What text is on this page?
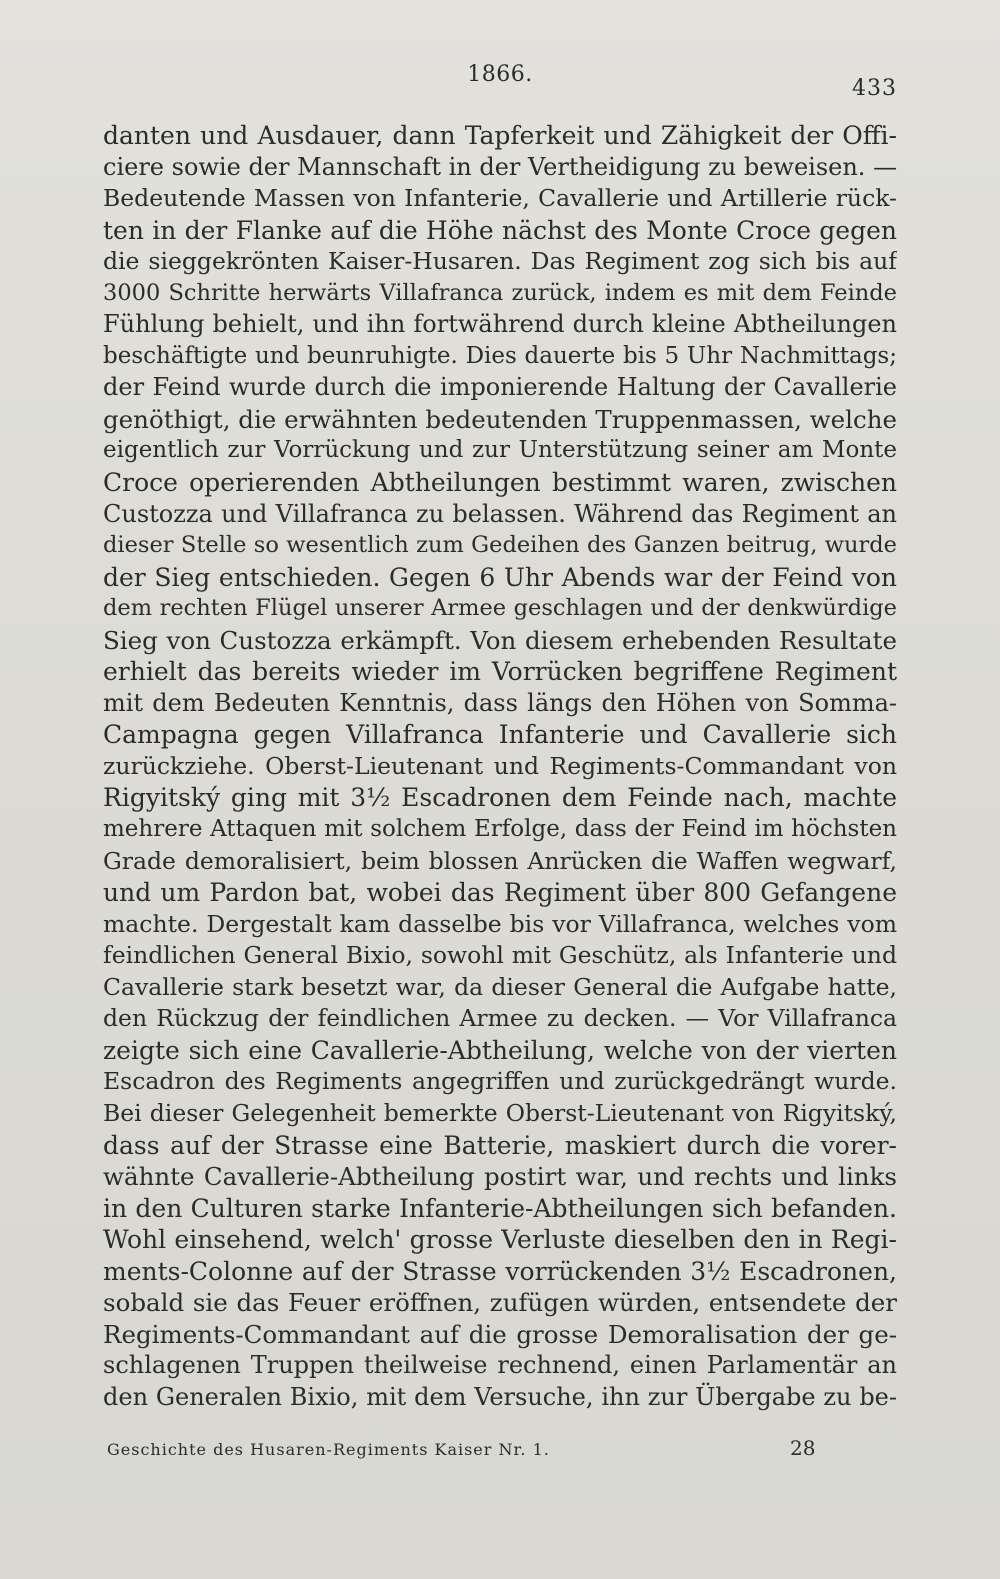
1866.
433
danten und Ausdauer, dann Tapferkeit und Zähigkeit der Offi-
ciere sowie der Mannschaft in der Vertheidigung zu beweisen. —
Bedeutende Massen von Infanterie, Cavallerie und Artillerie rück-
ten in der Flanke auf die Höhe nächst des Monte Croce gegen
die sieggekrönten Kaiser-Husaren. Das Regiment zog sich bis auf
3000 Schritte herwärts Villafranca zurück, indem es mit dem Feinde
Fühlung behielt, und ihn fortwährend durch kleine Abtheilungen
beschäftigte und beunruhigte. Dies dauerte bis 5 Uhr Nachmittags;
der Feind wurde durch die imponierende Haltung der Cavallerie
genöthigt, die erwähnten bedeutenden Truppenmassen, welche
eigentlich zur Vorrückung und zur Unterstützung seiner am Monte
Croce operierenden Abtheilungen bestimmt waren, zwischen
Custozza und Villafranca zu belassen. Während das Regiment an
dieser Stelle so wesentlich zum Gedeihen des Ganzen beitrug, wurde
der Sieg entschieden. Gegen 6 Uhr Abends war der Feind von
dem rechten Flügel unserer Armee geschlagen und der denkwürdige
Sieg von Custozza erkämpft. Von diesem erhebenden Resultate
erhielt das bereits wieder im Vorrücken begriffene Regiment
mit dem Bedeuten Kenntnis, dass längs den Höhen von Somma-
Campagna gegen Villafranca Infanterie und Cavallerie sich
zurückziehe. Oberst-Lieutenant und Regiments-Commandant von
Rigyitský ging mit 3½ Escadronen dem Feinde nach, machte
mehrere Attaquen mit solchem Erfolge, dass der Feind im höchsten
Grade demoralisiert, beim blossen Anrücken die Waffen wegwarf,
und um Pardon bat, wobei das Regiment über 800 Gefangene
machte. Dergestalt kam dasselbe bis vor Villafranca, welches vom
feindlichen General Bixio, sowohl mit Geschütz, als Infanterie und
Cavallerie stark besetzt war, da dieser General die Aufgabe hatte,
den Rückzug der feindlichen Armee zu decken. — Vor Villafranca
zeigte sich eine Cavallerie-Abtheilung, welche von der vierten
Escadron des Regiments angegriffen und zurückgedrängt wurde.
Bei dieser Gelegenheit bemerkte Oberst-Lieutenant von Rigyitský,
dass auf der Strasse eine Batterie, maskiert durch die vorer-
wähnte Cavallerie-Abtheilung postirt war, und rechts und links
in den Culturen starke Infanterie-Abtheilungen sich befanden.
Wohl einsehend, welch' grosse Verluste dieselben den in Regi-
ments-Colonne auf der Strasse vorrückenden 3½ Escadronen,
sobald sie das Feuer eröffnen, zufügen würden, entsendete der
Regiments-Commandant auf die grosse Demoralisation der ge-
schlagenen Truppen theilweise rechnend, einen Parlamentär an
den Generalen Bixio, mit dem Versuche, ihn zur Übergabe zu be-
Geschichte des Husaren-Regiments Kaiser Nr. 1.	28
